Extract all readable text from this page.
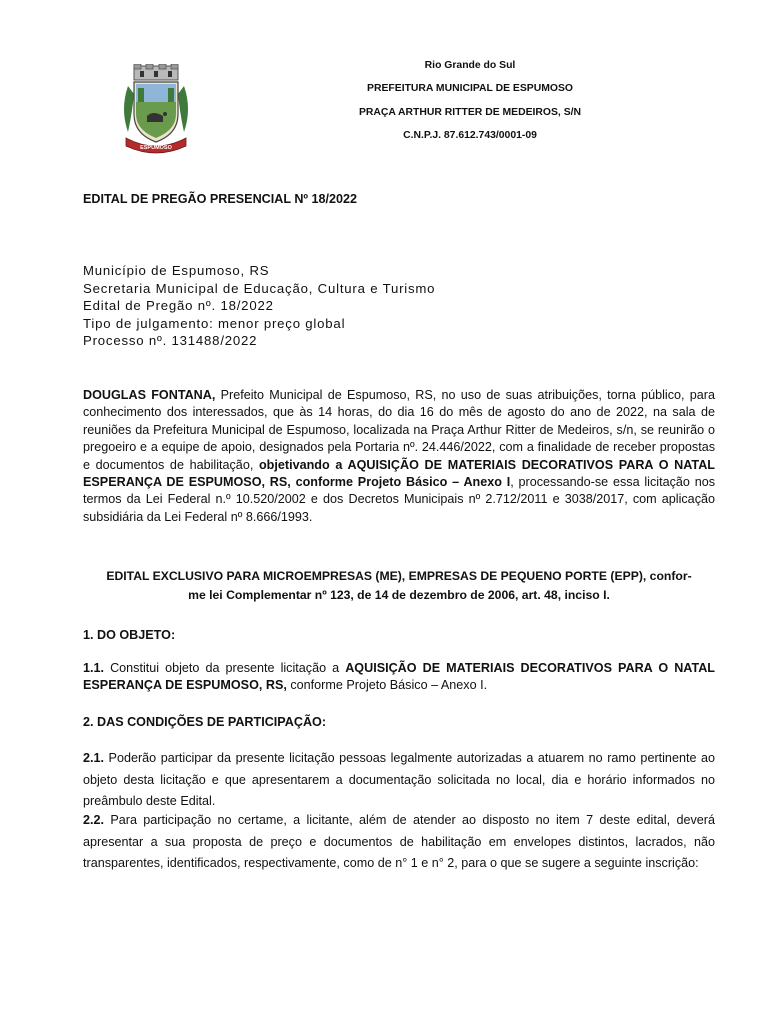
ESPUMOSO
Rio Grande do Sul
PREFEITURA MUNICIPAL DE ESPUMOSO
PRAÇA ARTHUR RITTER DE MEDEIROS, S/N
C.N.P.J. 87.612.743/0001-09
EDITAL DE PREGÃO PRESENCIAL Nº 18/2022
Município de Espumoso, RS
Secretaria Municipal de Educação, Cultura e Turismo
Edital de Pregão nº. 18/2022
Tipo de julgamento: menor preço global
Processo nº. 131488/2022
DOUGLAS FONTANA, Prefeito Municipal de Espumoso, RS, no uso de suas atribuições, torna público, para conhecimento dos interessados, que às 14 horas, do dia 16 do mês de agosto do ano de 2022, na sala de reuniões da Prefeitura Municipal de Espumoso, localizada na Praça Arthur Ritter de Medeiros, s/n, se reunirão o pregoeiro e a equipe de apoio, designados pela Portaria nº. 24.446/2022, com a finalidade de receber propostas e documentos de habilitação, objetivando a AQUISIÇÃO DE MATERIAIS DECORATIVOS PARA O NATAL ESPERANÇA DE ESPUMOSO, RS, conforme Projeto Básico – Anexo I, processando-se essa licitação nos termos da Lei Federal n.º 10.520/2002 e dos Decretos Municipais nº 2.712/2011 e 3038/2017, com aplicação subsidiária da Lei Federal nº 8.666/1993.
EDITAL EXCLUSIVO PARA MICROEMPRESAS (ME), EMPRESAS DE PEQUENO PORTE (EPP), confor-
me lei Complementar nº 123, de 14 de dezembro de 2006, art. 48, inciso I.
1. DO OBJETO:
1.1. Constitui objeto da presente licitação a AQUISIÇÃO DE MATERIAIS DECORATIVOS PARA O NATAL ESPERANÇA DE ESPUMOSO, RS, conforme Projeto Básico – Anexo I.
2. DAS CONDIÇÕES DE PARTICIPAÇÃO:
2.1. Poderão participar da presente licitação pessoas legalmente autorizadas a atuarem no ramo pertinente ao objeto desta licitação e que apresentarem a documentação solicitada no local, dia e horário informados no preâmbulo deste Edital.
2.2. Para participação no certame, a licitante, além de atender ao disposto no item 7 deste edital, deverá apresentar a sua proposta de preço e documentos de habilitação em envelopes distintos, lacrados, não transparentes, identificados, respectivamente, como de n° 1 e n° 2, para o que se sugere a seguinte inscrição:
